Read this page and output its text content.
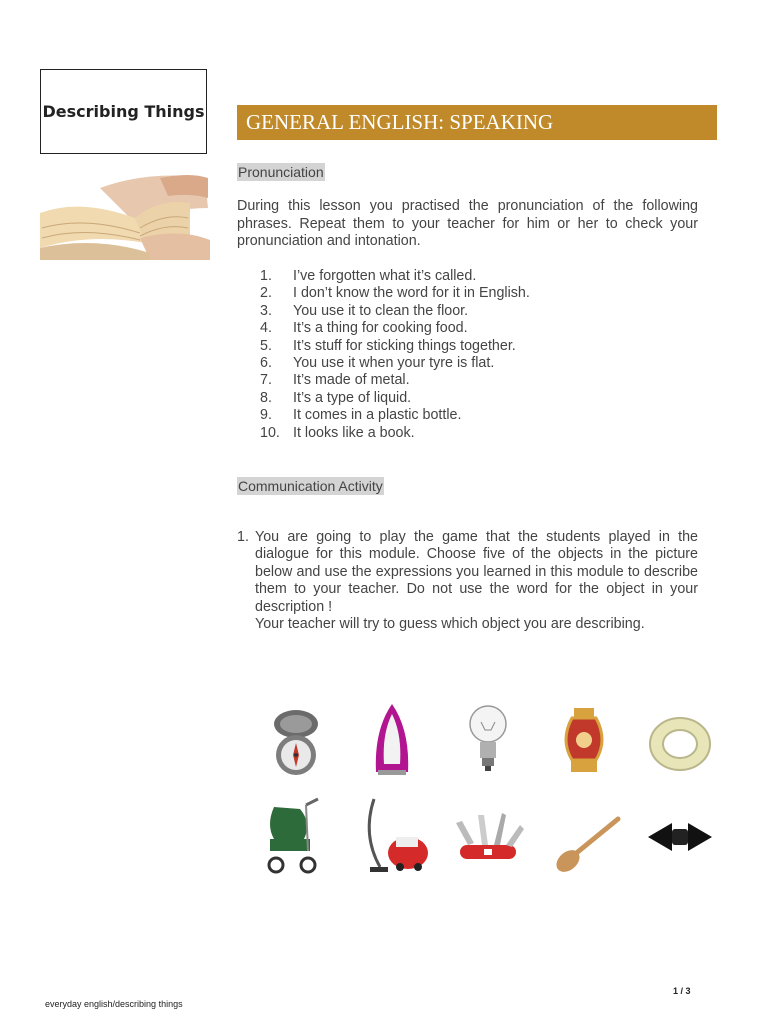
Describing Things GENERAL ENGLISH: SPEAKING
Pronunciation
During this lesson you practised the pronunciation of the following phrases. Repeat them to your teacher for him or her to check your pronunciation and intonation.
1.	I’ve forgotten what it’s called.
2.	I don’t know the word for it in English.
3.	You use it to clean the floor.
4.	It’s a thing for cooking food.
5.	It’s stuff for sticking things together.
6.	You use it when your tyre is flat.
7.	It’s made of metal.
8.	It’s a type of liquid.
9.	It comes in a plastic bottle.
10. It looks like a book.
Communication Activity
1. You are going to play the game that the students played in the dialogue for this module. Choose five of the objects in the picture below and use the expressions you learned in this module to describe them to your teacher. Do not use the word for the object in your description !
Your teacher will try to guess which object you are describing.
1 / 3
everyday english/describing things
